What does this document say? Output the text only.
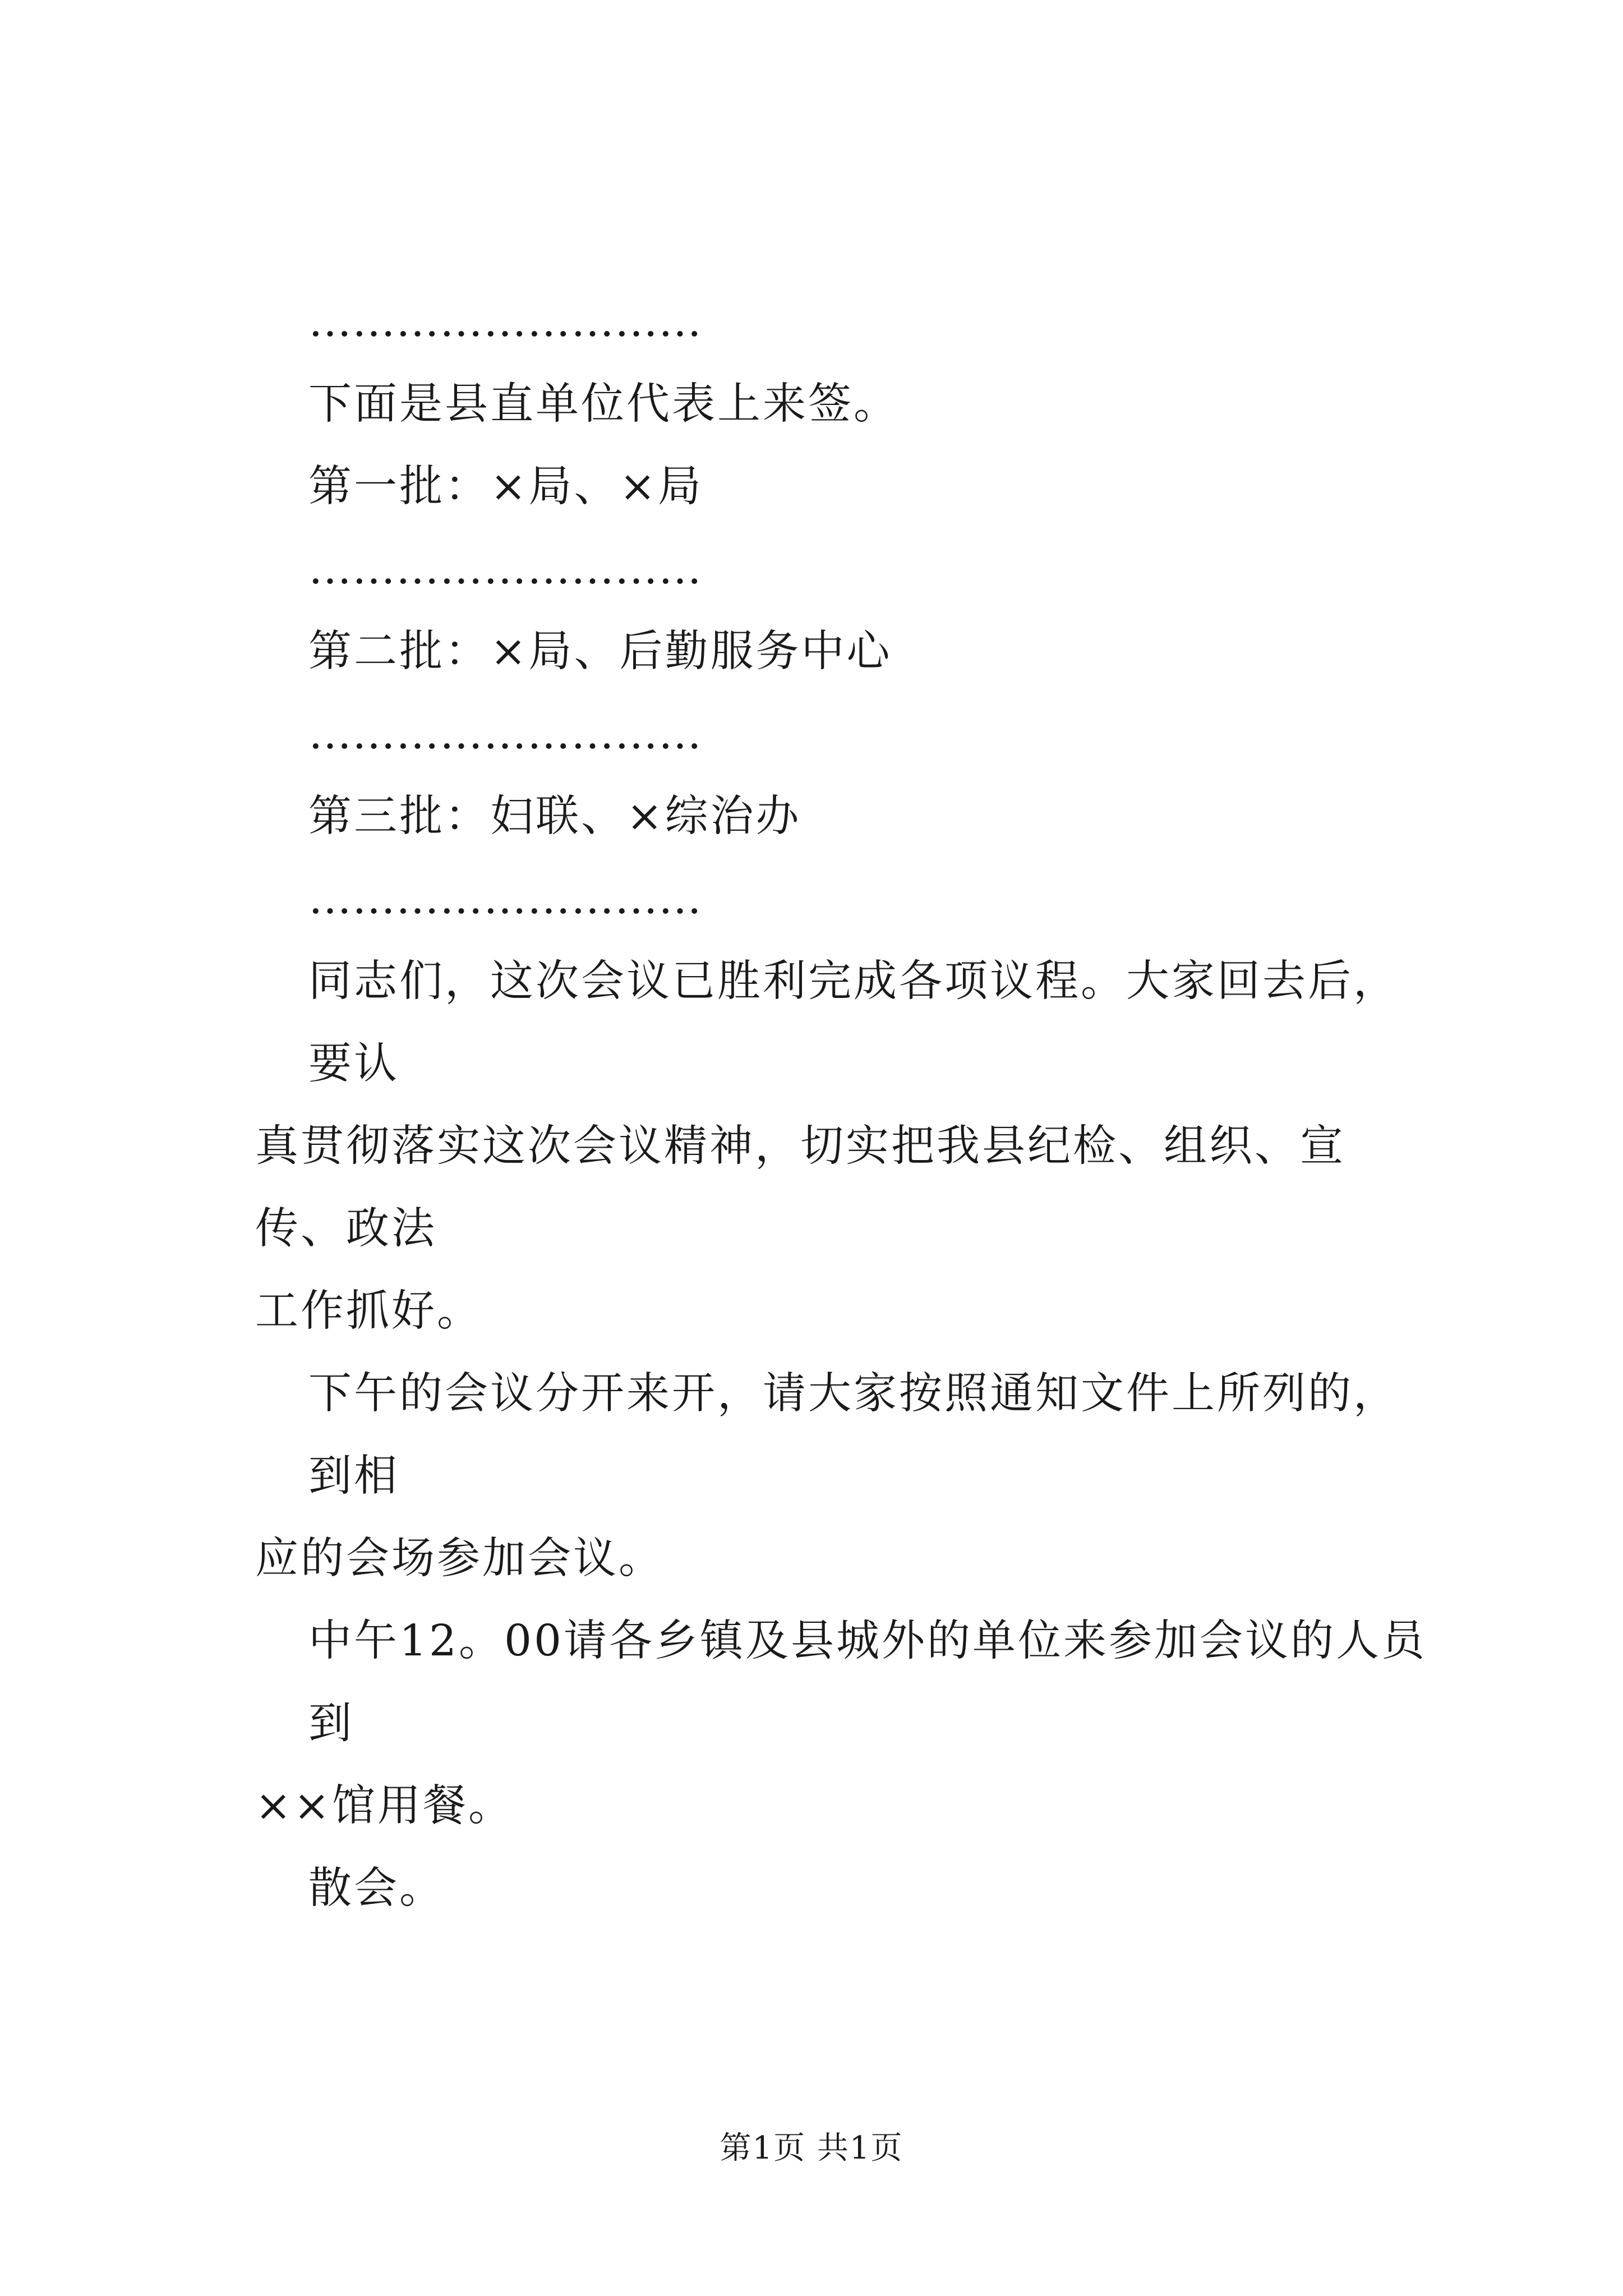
………………………
下面是县直单位代表上来签。
第一批：×局、×局
………………………
第二批：×局、后勤服务中心
………………………
第三批：妇联、×综治办
………………………
同志们，这次会议已胜利完成各项议程。大家回去后，要认
真贯彻落实这次会议精神，切实把我县纪检、组织、宣传、政法
工作抓好。
下午的会议分开来开，请大家按照通知文件上所列的，到相
应的会场参加会议。
中午12。00请各乡镇及县城外的单位来参加会议的人员到
××馆用餐。
散会。
第1页 共1页
